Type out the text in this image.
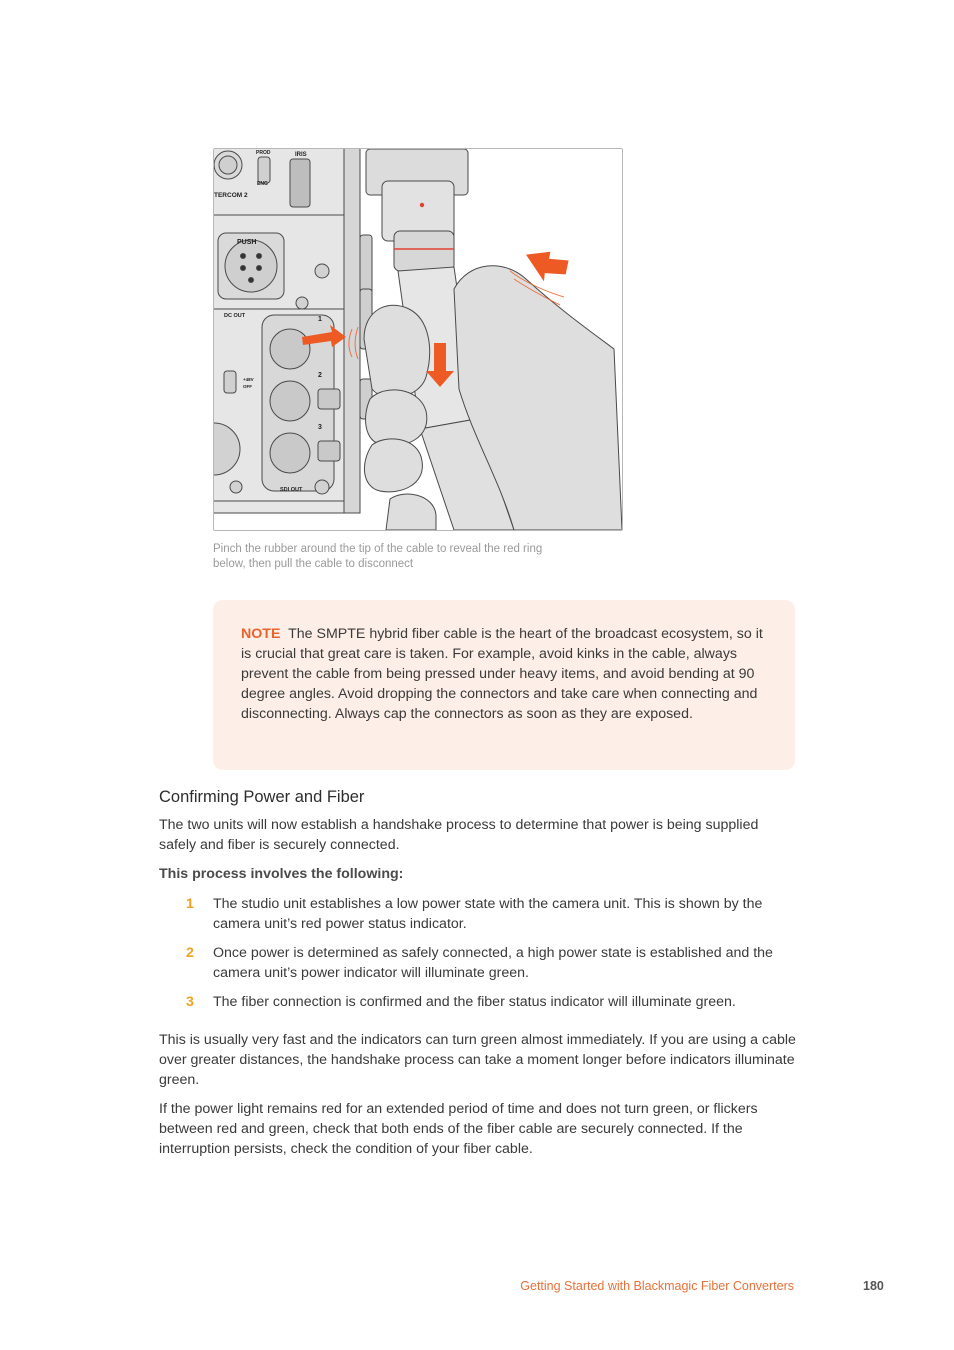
PROD
ENG
IRIS
TERCOM 2
PUSH
DC OUT
SDI OUT
+48V
OFF
1
2
3
Pinch the rubber around the tip of the cable to reveal the red ring below, then pull the cable to disconnect

NOTE The SMPTE hybrid fiber cable is the heart of the broadcast ecosystem, so it is crucial that great care is taken. For example, avoid kinks in the cable, always prevent the cable from being pressed under heavy items, and avoid bending at 90 degree angles. Avoid dropping the connectors and take care when connecting and disconnecting. Always cap the connectors as soon as they are exposed.

Confirming Power and Fiber

The two units will now establish a handshake process to determine that power is being supplied safely and fiber is securely connected.

This process involves the following:

1 The studio unit establishes a low power state with the camera unit. This is shown by the camera unit’s red power status indicator.
2 Once power is determined as safely connected, a high power state is established and the camera unit’s power indicator will illuminate green.
3 The fiber connection is confirmed and the fiber status indicator will illuminate green.

This is usually very fast and the indicators can turn green almost immediately. If you are using a cable over greater distances, the handshake process can take a moment longer before indicators illuminate green.

If the power light remains red for an extended period of time and does not turn green, or flickers between red and green, check that both ends of the fiber cable are securely connected. If the interruption persists, check the condition of your fiber cable.

Getting Started with Blackmagic Fiber Converters	180
